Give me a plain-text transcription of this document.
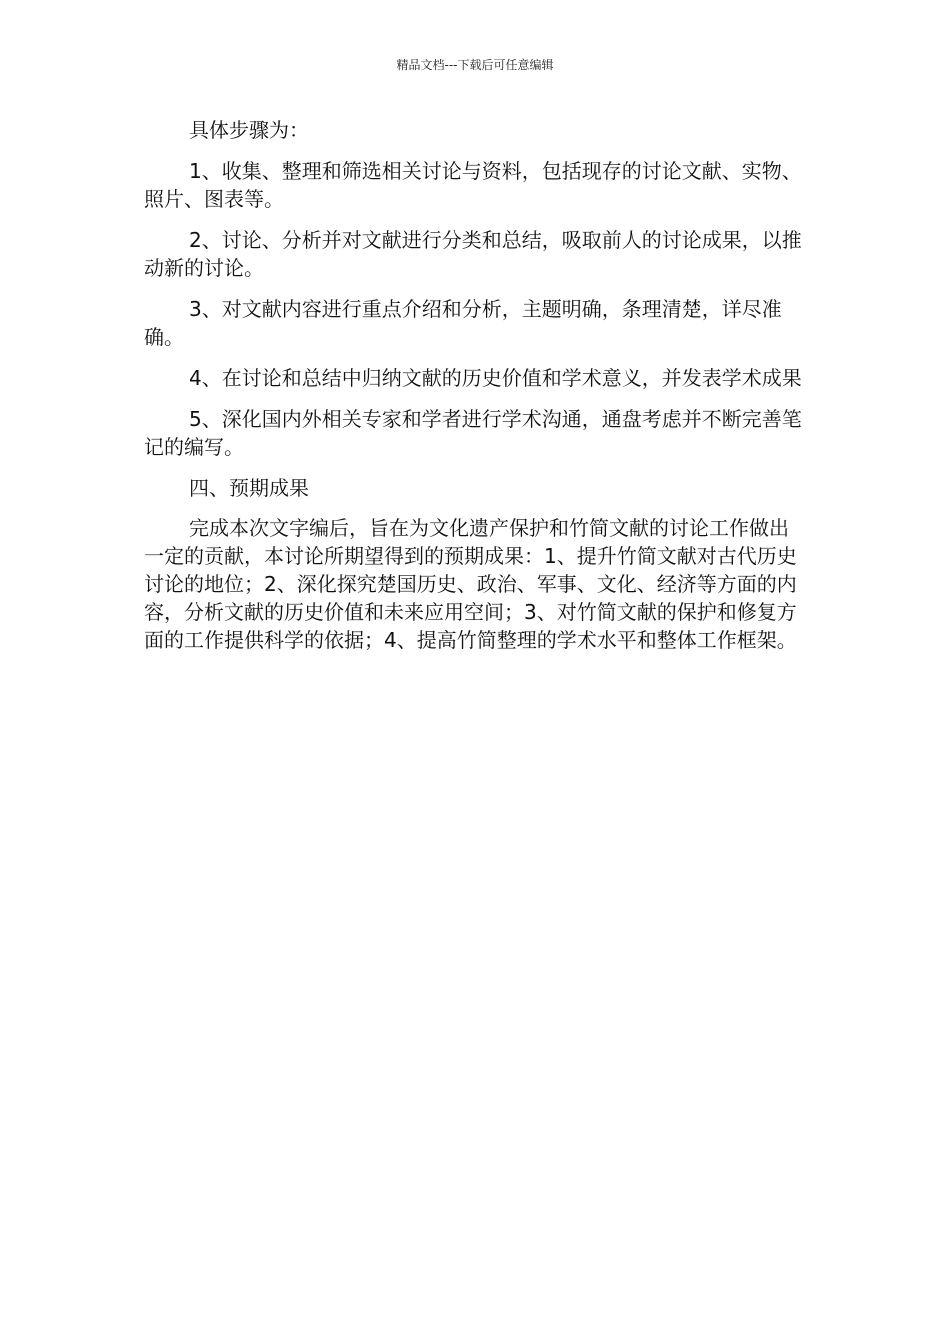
精品文档---下载后可任意编辑

具体步骤为：

1、收集、整理和筛选相关讨论与资料，包括现存的讨论文献、实物、照片、图表等。

2、讨论、分析并对文献进行分类和总结，吸取前人的讨论成果，以推动新的讨论。

3、对文献内容进行重点介绍和分析，主题明确，条理清楚，详尽准确。

4、在讨论和总结中归纳文献的历史价值和学术意义，并发表学术成果

5、深化国内外相关专家和学者进行学术沟通，通盘考虑并不断完善笔记的编写。

四、预期成果

完成本次文字编后，旨在为文化遗产保护和竹简文献的讨论工作做出一定的贡献，本讨论所期望得到的预期成果：1、提升竹简文献对古代历史讨论的地位；2、深化探究楚国历史、政治、军事、文化、经济等方面的内容，分析文献的历史价值和未来应用空间；3、对竹简文献的保护和修复方面的工作提供科学的依据；4、提高竹简整理的学术水平和整体工作框架。
